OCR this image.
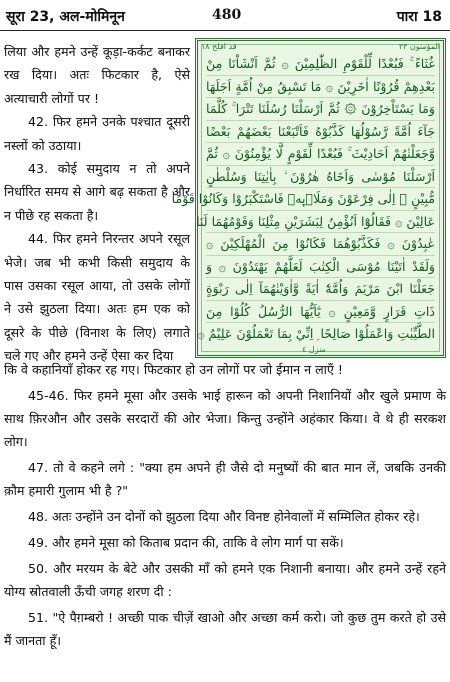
सूरा 23, अल-मोमिनून	480	पारा 18

लिया और हमने उन्हें कूड़ा-कर्कट बनाकर रख दिया। अतः फिटकार है, ऐसे अत्याचारी लोगों पर !

42. फिर हमने उनके पश्चात दूसरी नस्लों को उठाया।

43. कोई समुदाय न तो अपने निर्धारित समय से आगे बढ़ सकता है और न पीछे रह सकता है।

44. फिर हमने निरन्तर अपने रसूल भेजे। जब भी कभी किसी समुदाय के पास उसका रसूल आया, तो उसके लोगों ने उसे झुठला दिया। अतः हम एक को दूसरे के पीछे (विनाश के लिए) लगाते चले गए और हमने उन्हें ऐसा कर दिया

قد افلح ١٨	المؤمنون ٢٣
منزل ٤
غُثَاءً ۚ فَبُعْدًا لِّلْقَوْمِ الظّٰلِمِيْنَ ۞ ثُمَّ اَنْشَاْنَا مِنْ
بَعْدِهِمْ قُرُوْنًا اٰخَرِيْنَ ۞ مَا تَسْبِقُ مِنْ اُمَّةٍ اَجَلَهَا
وَمَا يَسْتَاْخِرُوْنَ ۞ ثُمَّ اَرْسَلْنَا رُسُلَنَا تَتْرَا ۚ كُلَّمَا
جَآءَ اُمَّةً رَّسُوْلُهَا كَذَّبُوْهُ فَاَتْبَعْنَا بَعْضَهُمْ بَعْضًا
وَّجَعَلْنٰهُمْ اَحَادِيْثَ ۚ فَبُعْدًا لِّقَوْمٍ لَّا يُؤْمِنُوْنَ ۞ ثُمَّ
اَرْسَلْنَا مُوْسٰى وَاَخَاهُ هٰرُوْنَ ۙ بِاٰيٰتِنَا وَسُلْطٰنٍ
مُّبِيْنٍ ۞ اِلٰى فِرْعَوْنَ وَمَلَا۟ىِٕهٖ فَاسْتَكْبَرُوْا وَكَانُوْا قَوْمًا
عَالِيْنَ ۞ فَقَالُوْٓا اَنُؤْمِنُ لِبَشَرَيْنِ مِثْلِنَا وَقَوْمُهُمَا لَنَا
عٰبِدُوْنَ ۞ فَكَذَّبُوْهُمَا فَكَانُوْا مِنَ الْمُهْلَكِيْنَ ۞
وَلَقَدْ اٰتَيْنَا مُوْسَى الْكِتٰبَ لَعَلَّهُمْ يَهْتَدُوْنَ ۞ وَ
جَعَلْنَا ابْنَ مَرْيَمَ وَاُمَّهٗٓ اٰيَةً وَّاٰوَيْنٰهُمَآ اِلٰى رَبْوَةٍ
ذَاتِ قَرَارٍ وَّمَعِيْنٍ ۞ يٰٓاَيُّهَا الرُّسُلُ كُلُوْا مِنَ
الطَّيِّبٰتِ وَاعْمَلُوْا صَالِحًا ۭ اِنِّيْ بِمَا تَعْمَلُوْنَ عَلِيْمٌ ۞

कि वे कहानियाँ होकर रह गए। फिटकार हो उन लोगों पर जो ईमान न लाएँ !

45-46. फिर हमने मूसा और उसके भाई हारून को अपनी निशानियों और खुले प्रमाण के साथ फ़िरऔन और उसके सरदारों की ओर भेजा। किन्तु उन्होंने अहंकार किया। वे थे ही सरकश लोग।

47. तो वे कहने लगे : "क्या हम अपने ही जैसे दो मनुष्यों की बात मान लें, जबकि उनकी क़ौम हमारी गुलाम भी है ?"

48. अतः उन्होंने उन दोनों को झुठला दिया और विनष्ट होनेवालों में सम्मिलित होकर रहे।

49. और हमने मूसा को किताब प्रदान की, ताकि वे लोग मार्ग पा सकें।

50. और मरयम के बेटे और उसकी माँ को हमने एक निशानी बनाया। और हमने उन्हें रहने योग्य स्रोतवाली ऊँची जगह शरण दी :

51. "ऐ पैग़म्बरो ! अच्छी पाक चीज़ें खाओ और अच्छा कर्म करो। जो कुछ तुम करते हो उसे मैं जानता हूँ।
